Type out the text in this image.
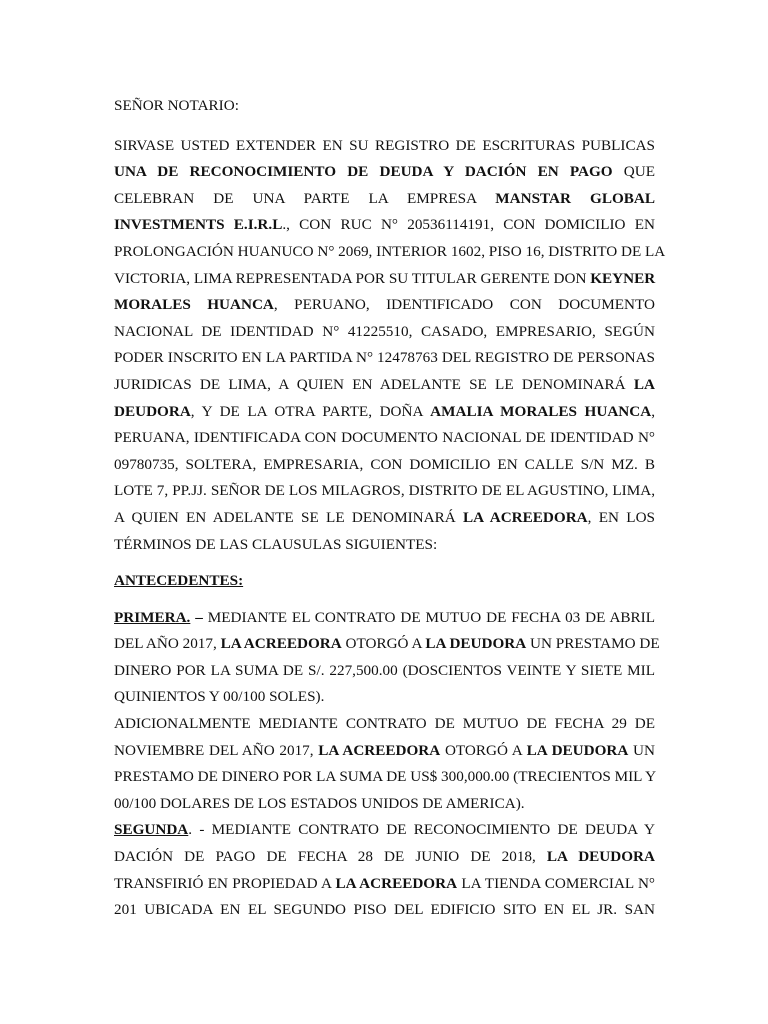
SEÑOR NOTARIO:

SIRVASE USTED EXTENDER EN SU REGISTRO DE ESCRITURAS PUBLICAS
UNA DE RECONOCIMIENTO DE DEUDA Y DACIÓN EN PAGO QUE
CELEBRAN DE UNA PARTE LA EMPRESA MANSTAR GLOBAL
INVESTMENTS E.I.R.L., CON RUC N° 20536114191, CON DOMICILIO EN
PROLONGACIÓN HUANUCO N° 2069, INTERIOR 1602, PISO 16, DISTRITO DE LA
VICTORIA, LIMA REPRESENTADA POR SU TITULAR GERENTE DON KEYNER
MORALES HUANCA, PERUANO, IDENTIFICADO CON DOCUMENTO
NACIONAL DE IDENTIDAD N° 41225510, CASADO, EMPRESARIO, SEGÚN
PODER INSCRITO EN LA PARTIDA N° 12478763 DEL REGISTRO DE PERSONAS
JURIDICAS DE LIMA, A QUIEN EN ADELANTE SE LE DENOMINARÁ LA
DEUDORA, Y DE LA OTRA PARTE, DOÑA AMALIA MORALES HUANCA,
PERUANA, IDENTIFICADA CON DOCUMENTO NACIONAL DE IDENTIDAD N°
09780735, SOLTERA, EMPRESARIA, CON DOMICILIO EN CALLE S/N MZ. B
LOTE 7, PP.JJ. SEÑOR DE LOS MILAGROS, DISTRITO DE EL AGUSTINO, LIMA,
A QUIEN EN ADELANTE SE LE DENOMINARÁ LA ACREEDORA, EN LOS
TÉRMINOS DE LAS CLAUSULAS SIGUIENTES:
ANTECEDENTES:
PRIMERA. – MEDIANTE EL CONTRATO DE MUTUO DE FECHA 03 DE ABRIL
DEL AÑO 2017, LA ACREEDORA OTORGÓ A LA DEUDORA UN PRESTAMO DE
DINERO POR LA SUMA DE S/. 227,500.00 (DOSCIENTOS VEINTE Y SIETE MIL
QUINIENTOS Y 00/100 SOLES).
ADICIONALMENTE MEDIANTE CONTRATO DE MUTUO DE FECHA 29 DE
NOVIEMBRE DEL AÑO 2017, LA ACREEDORA OTORGÓ A LA DEUDORA UN
PRESTAMO DE DINERO POR LA SUMA DE US$ 300,000.00 (TRECIENTOS MIL Y
00/100 DOLARES DE LOS ESTADOS UNIDOS DE AMERICA).
SEGUNDA. - MEDIANTE CONTRATO DE RECONOCIMIENTO DE DEUDA Y
DACIÓN DE PAGO DE FECHA 28 DE JUNIO DE 2018, LA DEUDORA
TRANSFIRIÓ EN PROPIEDAD A LA ACREEDORA LA TIENDA COMERCIAL N°
201 UBICADA EN EL SEGUNDO PISO DEL EDIFICIO SITO EN EL JR. SAN
